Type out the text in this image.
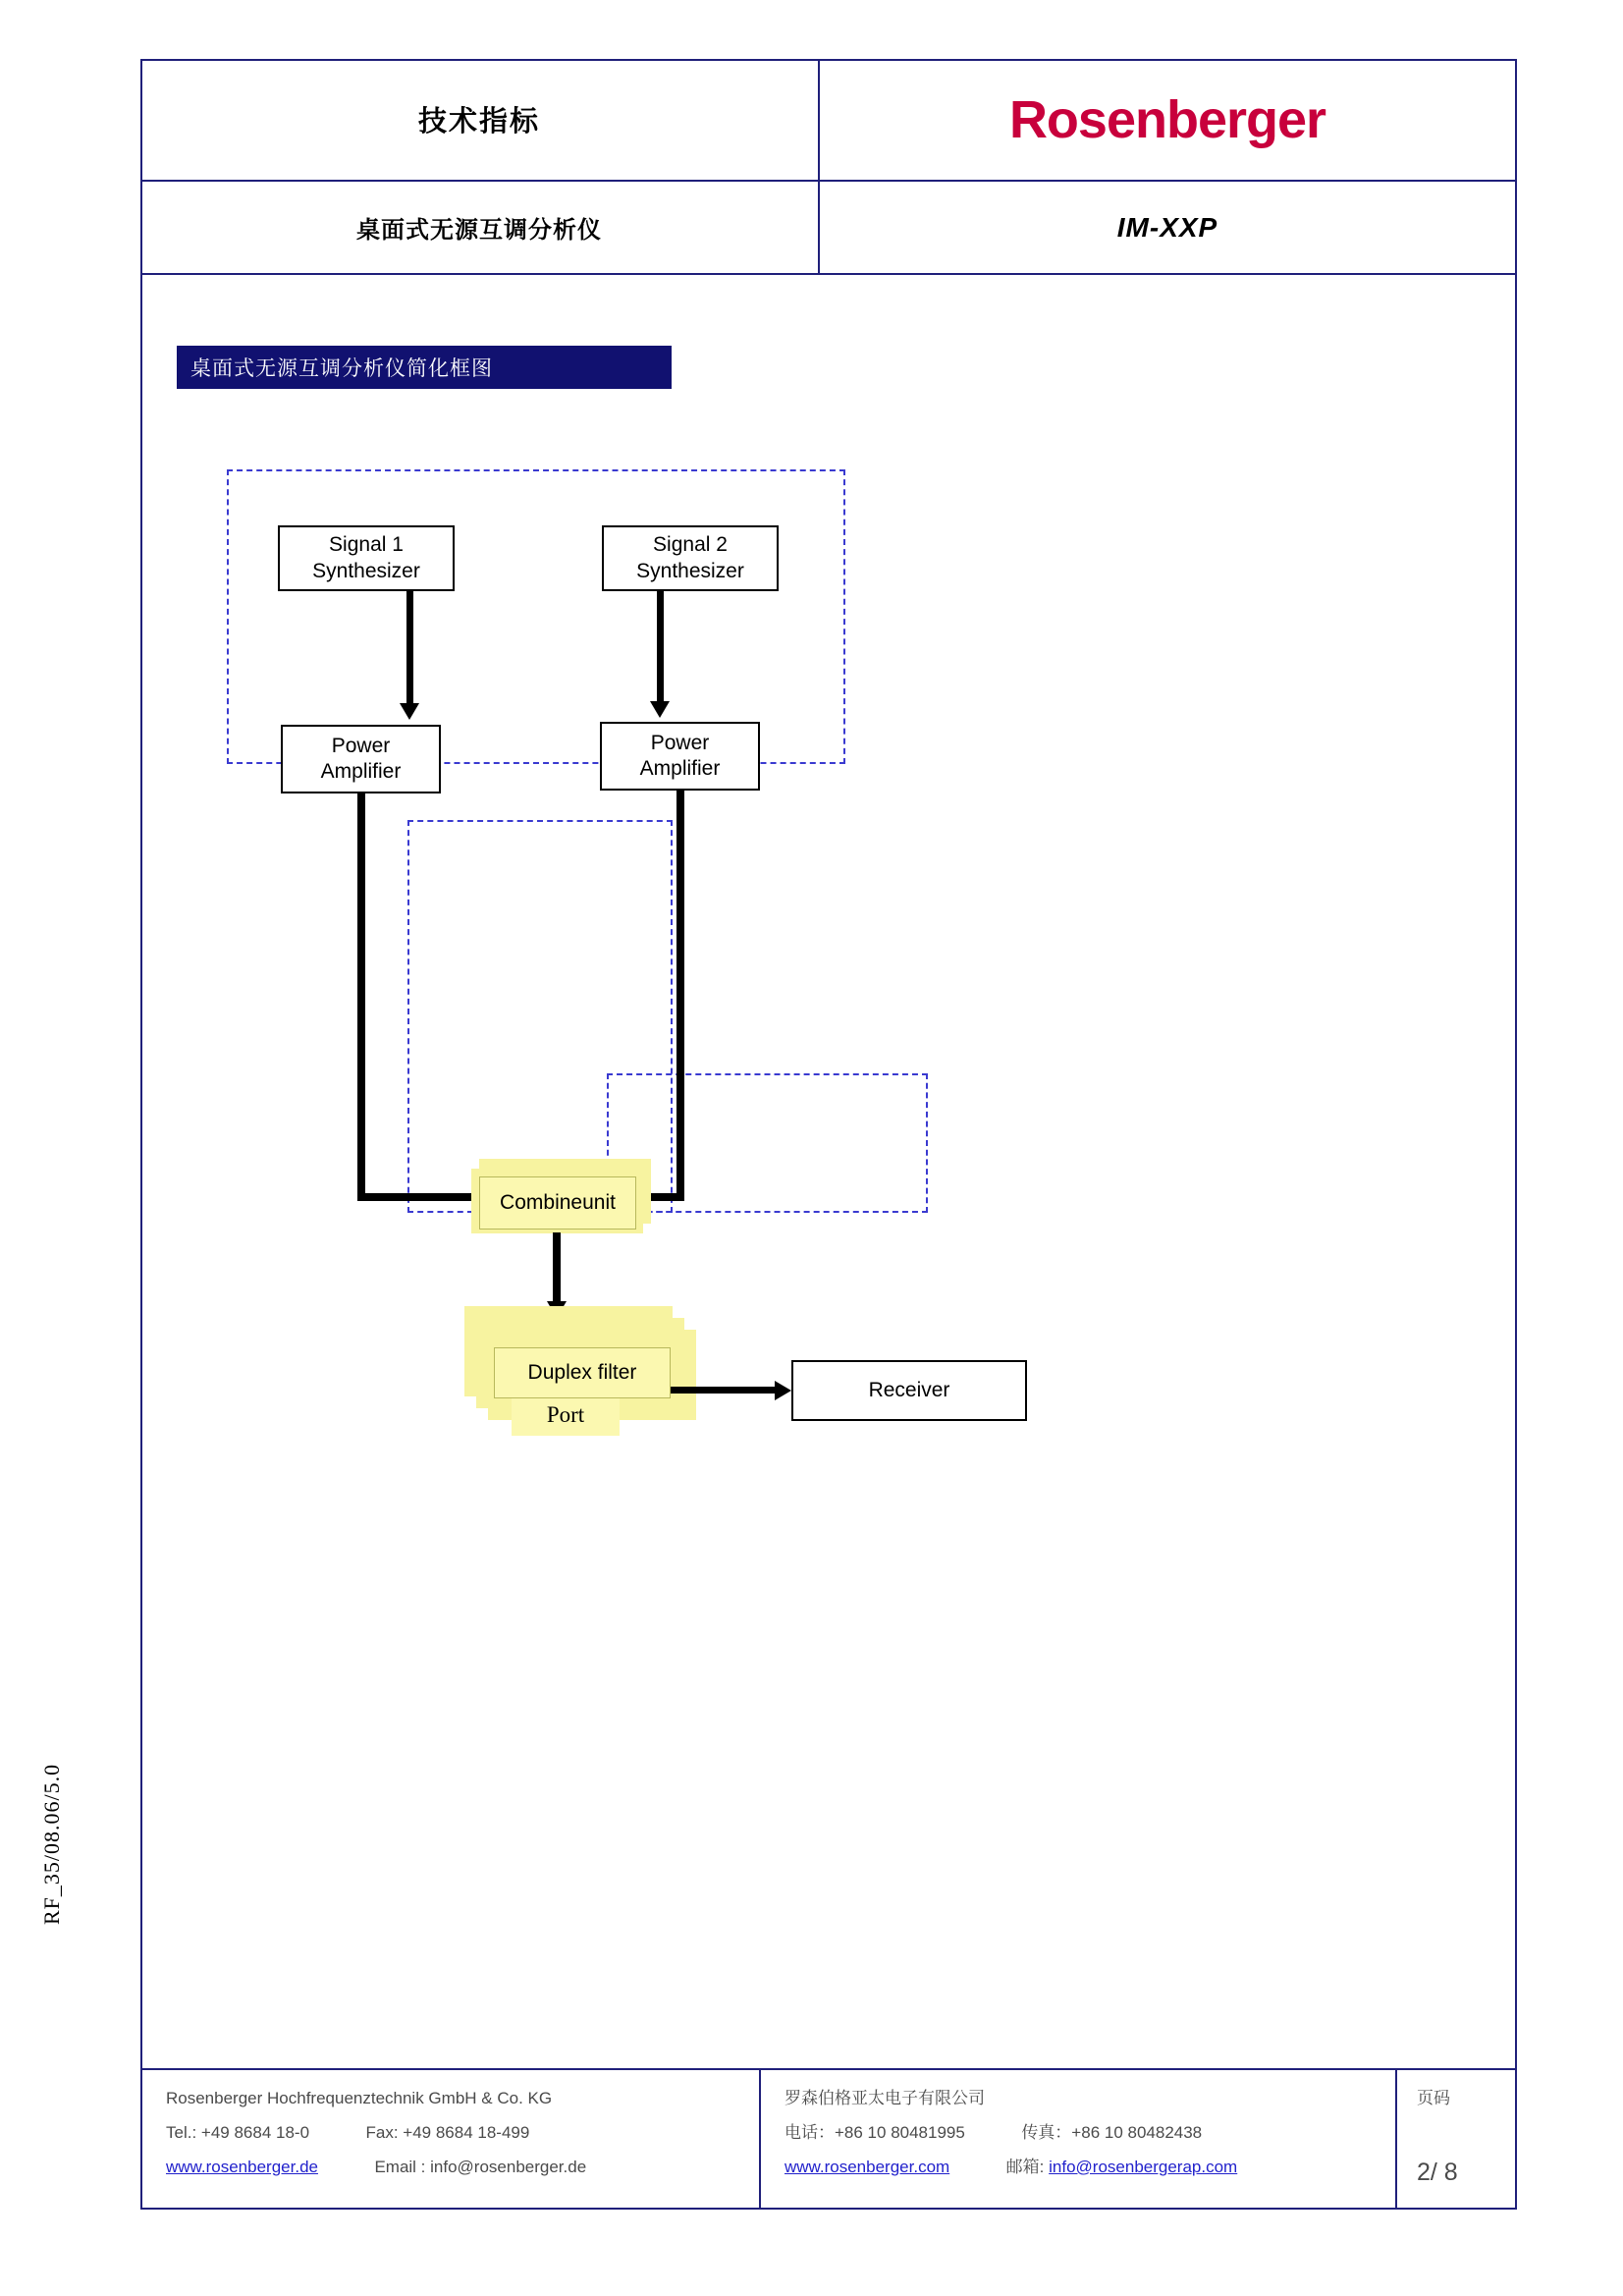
技术指标	Rosenberger
桌面式无源互调分析仪	IM-XXP
桌面式无源互调分析仪简化框图
Signal 1
Synthesizer
Signal 2
Synthesizer
Power
Amplifier
Power
Amplifier
Combine unit
Port
Duplex filter
Receiver
RF_35/08.06/5.0
Rosenberger Hochfrequenztechnik GmbH & Co. KG
Tel.: +49 8684 18-0	Fax: +49 8684 18-499
www.rosenberger.de	Email : info@rosenberger.de
罗森伯格亚太电子有限公司
电话：+86 10 80481995	传真：+86 10 80482438
www.rosenberger.com	邮箱: info@rosenbergerap.com
页码
2/ 8
